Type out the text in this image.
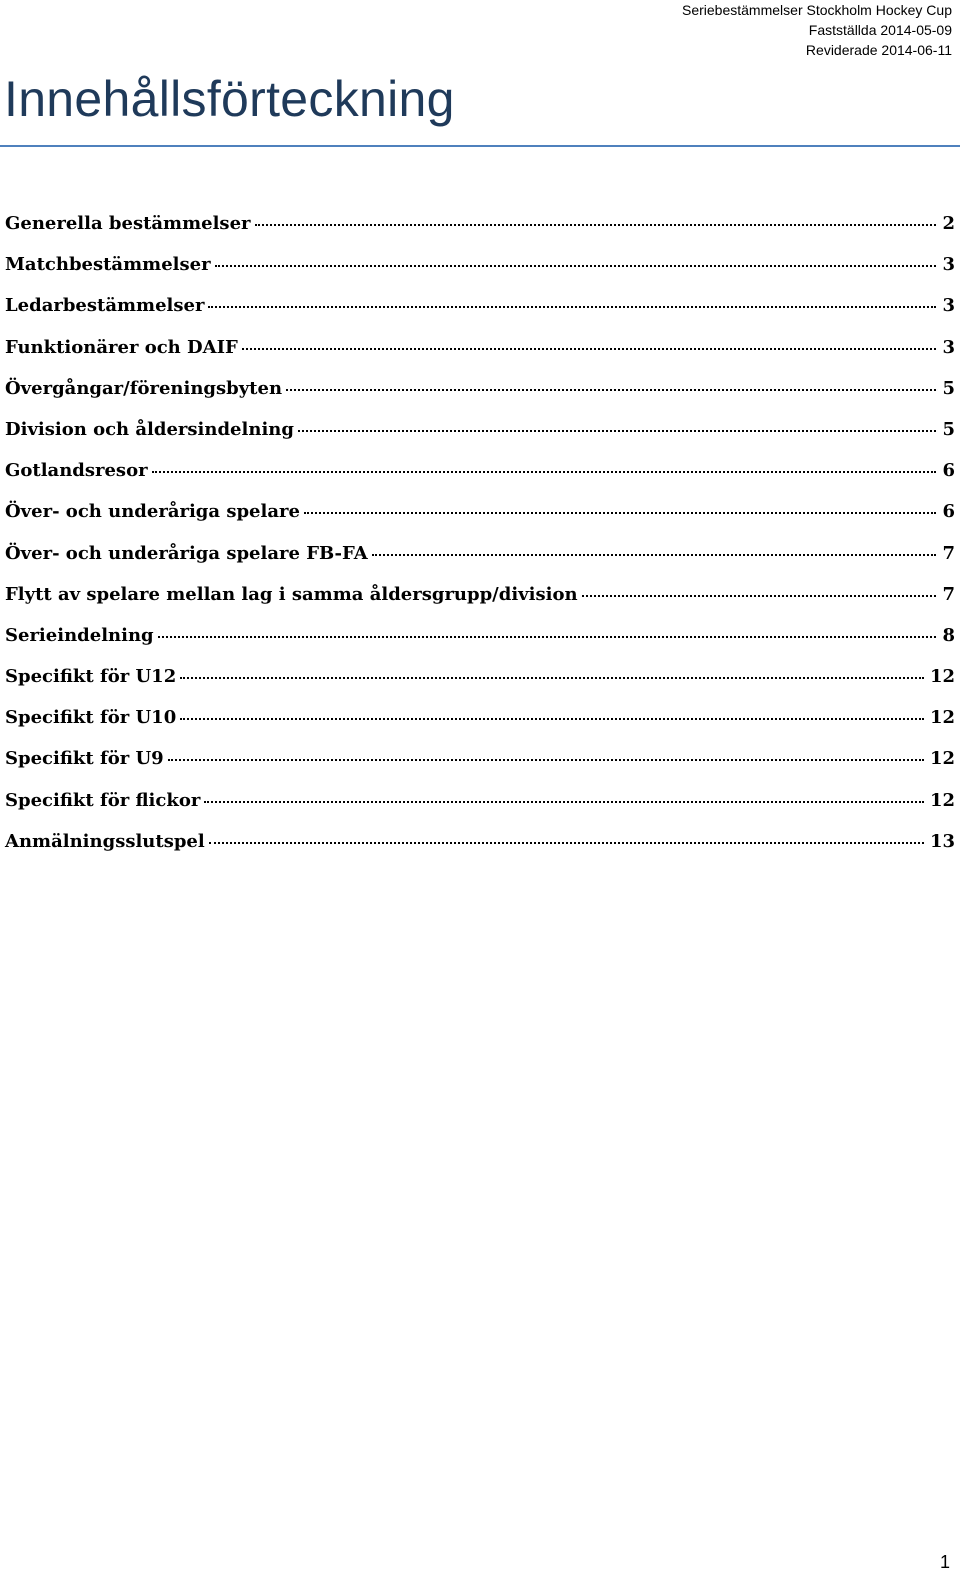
Seriebestämmelser Stockholm Hockey Cup
Fastställda 2014-05-09
Reviderade 2014-06-11
Innehållsförteckning
Generella bestämmelser	2
Matchbestämmelser	3
Ledarbestämmelser	3
Funktionärer och DAIF	3
Övergångar/föreningsbyten	5
Division och åldersindelning	5
Gotlandsresor	6
Över- och underåriga spelare	6
Över- och underåriga spelare FB-FA	7
Flytt av spelare mellan lag i samma åldersgrupp/division	7
Serieindelning	8
Specifikt för U12	12
Specifikt för U10	12
Specifikt för U9	12
Specifikt för flickor	12
Anmälningsslutspel	13
1
